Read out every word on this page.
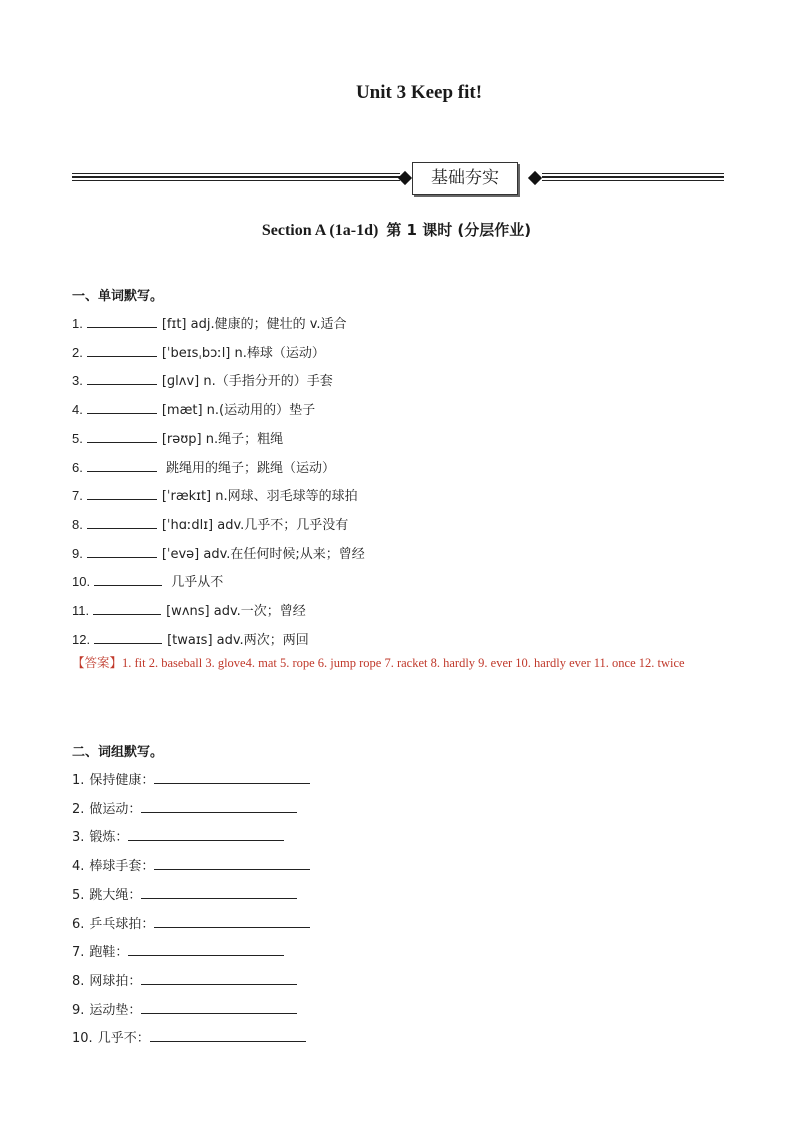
Unit 3 Keep fit!
基础夯实
Section A (1a-1d) 第 1 课时 (分层作业)
一、单词默写。
1.	[fɪt] adj.健康的；健壮的 v.适合
2.	[ˈbeɪsˌbɔːl] n.棒球（运动）
3.	[ɡlʌv] n.（手指分开的）手套
4.	[mæt] n.(运动用的）垫子
5.	[rəʊp] n.绳子；粗绳
6.	跳绳用的绳子；跳绳（运动）
7.	[ˈrækɪt] n.网球、羽毛球等的球拍
8.	[ˈhɑːdlɪ] adv.几乎不；几乎没有
9.	[ˈevə] adv.在任何时候;从来；曾经
10.	几乎从不
11.	[wʌns] adv.一次；曾经
12.	[twaɪs] adv.两次；两回
【答案】1. fit 2. baseball 3. glove4. mat 5. rope 6. jump rope 7. racket 8. hardly 9. ever 10. hardly ever 11. once 12. twice
二、词组默写。
1. 保持健康：
2. 做运动：
3. 锻炼：
4. 棒球手套：
5. 跳大绳：
6. 乒乓球拍：
7. 跑鞋：
8. 网球拍：
9. 运动垫：
10. 几乎不：
